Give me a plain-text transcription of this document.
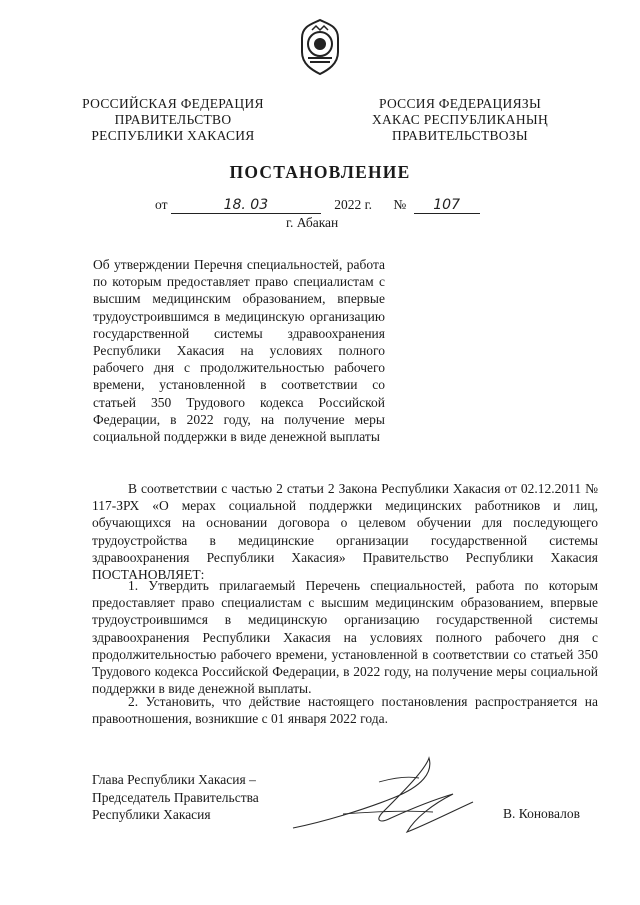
РОССИЙСКАЯ ФЕДЕРАЦИЯ
ПРАВИТЕЛЬСТВО
РЕСПУБЛИКИ ХАКАСИЯ
РОССИЯ ФЕДЕРАЦИЯЗЫ
ХАКАС РЕСПУБЛИКАНЫҢ
ПРАВИТЕЛЬСТВОЗЫ
ПОСТАНОВЛЕНИЕ
от	18. 03	2022 г. № 107
г. Абакан
Об утверждении Перечня специальностей, работа по которым предоставляет право специалистам с высшим медицинским образованием, впервые трудоустроившимся в медицинскую организацию государственной системы здравоохранения Республики Хакасия на условиях полного рабочего дня с продолжительностью рабочего времени, установленной в соответствии со статьей 350 Трудового кодекса Российской Федерации, в 2022 году, на получение меры социальной поддержки в виде денежной выплаты
В соответствии с частью 2 статьи 2 Закона Республики Хакасия от 02.12.2011 № 117-ЗРХ «О мерах социальной поддержки медицинских работников и лиц, обучающихся на основании договора о целевом обучении для последующего трудоустройства в медицинские организации государственной системы здравоохранения Республики Хакасия» Правительство Республики Хакасия ПОСТАНОВЛЯЕТ:
1. Утвердить прилагаемый Перечень специальностей, работа по которым предоставляет право специалистам с высшим медицинским образованием, впервые трудоустроившимся в медицинскую организацию государственной системы здравоохранения Республики Хакасия на условиях полного рабочего дня с продолжительностью рабочего времени, установленной в соответствии со статьей 350 Трудового кодекса Российской Федерации, в 2022 году, на получение меры социальной поддержки в виде денежной выплаты.
2. Установить, что действие настоящего постановления распространяется на правоотношения, возникшие с 01 января 2022 года.
Глава Республики Хакасия –
Председатель Правительства
Республики Хакасия	В. Коновалов
